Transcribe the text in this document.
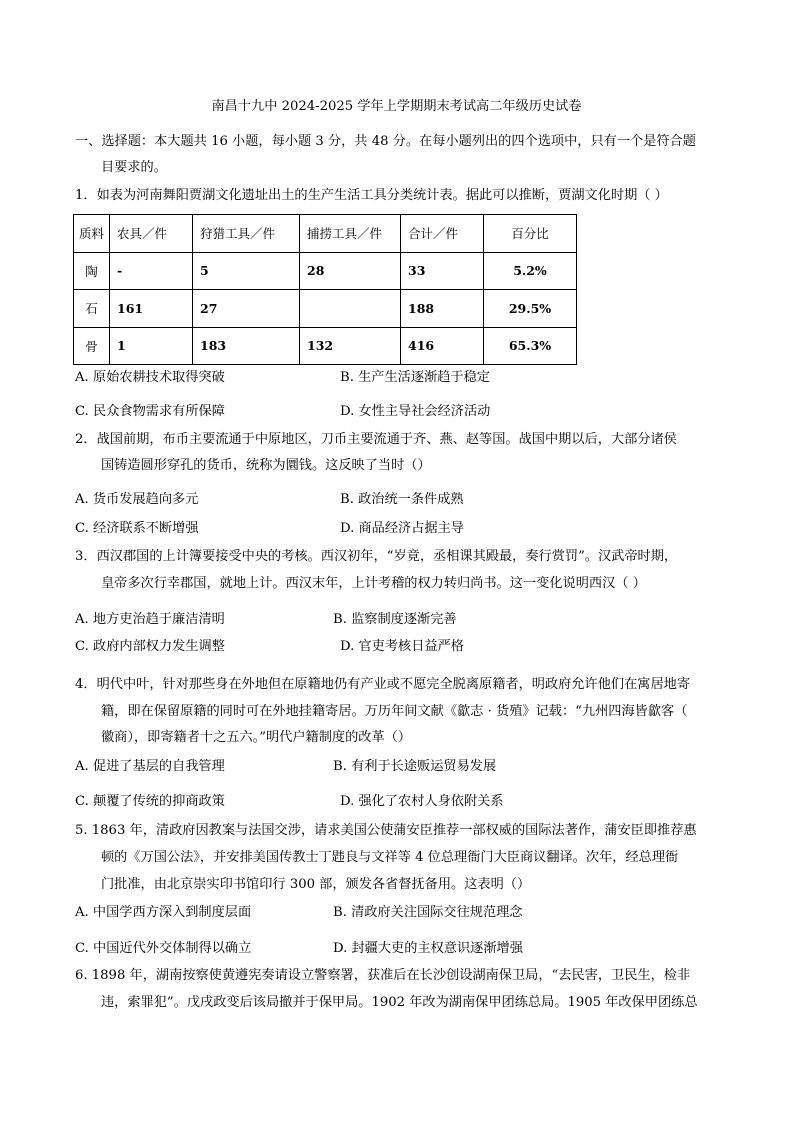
南昌十九中 2024-2025 学年上学期期末考试高二年级历史试卷
一、选择题：本大题共 16 小题，每小题 3 分，共 48 分。在每小题列出的四个选项中，只有一个是符合题
目要求的。
1．如表为河南舞阳贾湖文化遗址出土的生产生活工具分类统计表。据此可以推断，贾湖文化时期（ ）
质料	农具／件	狩猎工具／件	捕捞工具／件	合计／件	百分比
陶	-	5	28	33	5.2%
石	161	27		188	29.5%
骨	1	183	132	416	65.3%
A. 原始农耕技术取得突破	B. 生产生活逐渐趋于稳定
C. 民众食物需求有所保障	D. 女性主导社会经济活动
2．战国前期，布币主要流通于中原地区，刀币主要流通于齐、燕、赵等国。战国中期以后，大部分诸侯
国铸造圆形穿孔的货币，统称为圜钱。这反映了当时（）
A. 货币发展趋向多元	B. 政治统一条件成熟
C. 经济联系不断增强	D. 商品经济占据主导
3．西汉郡国的上计簿要接受中央的考核。西汉初年，“岁竟，丞相课其殿最，奏行赏罚”。汉武帝时期，
皇帝多次行幸郡国，就地上计。西汉末年，上计考稽的权力转归尚书。这一变化说明西汉（ ）
A. 地方吏治趋于廉洁清明	B. 监察制度逐渐完善
C. 政府内部权力发生调整	D. 官吏考核日益严格
4．明代中叶，针对那些身在外地但在原籍地仍有产业或不愿完全脱离原籍者，明政府允许他们在寓居地寄
籍，即在保留原籍的同时可在外地挂籍寄居。万历年间文献《歙志 · 货殖》记载：“九州四海皆歙客（
徽商），即寄籍者十之五六。”明代户籍制度的改革（）
A. 促进了基层的自我管理	B. 有利于长途贩运贸易发展
C. 颠覆了传统的抑商政策	D. 强化了农村人身依附关系
5. 1863 年，清政府因教案与法国交涉，请求美国公使蒲安臣推荐一部权威的国际法著作，蒲安臣即推荐惠
顿的《万国公法》，并安排美国传教士丁韪良与文祥等 4 位总理衙门大臣商议翻译。次年，经总理衙
门批准，由北京崇实印书馆印行 300 部，颁发各省督抚备用。这表明（）
A. 中国学西方深入到制度层面	B. 清政府关注国际交往规范理念
C. 中国近代外交体制得以确立	D. 封疆大吏的主权意识逐渐增强
6. 1898 年，湖南按察使黄遵宪奏请设立警察署，获准后在长沙创设湖南保卫局，“去民害，卫民生，检非
违，索罪犯”。戊戌政变后该局撤并于保甲局。1902 年改为湖南保甲团练总局。1905 年改保甲团练总
